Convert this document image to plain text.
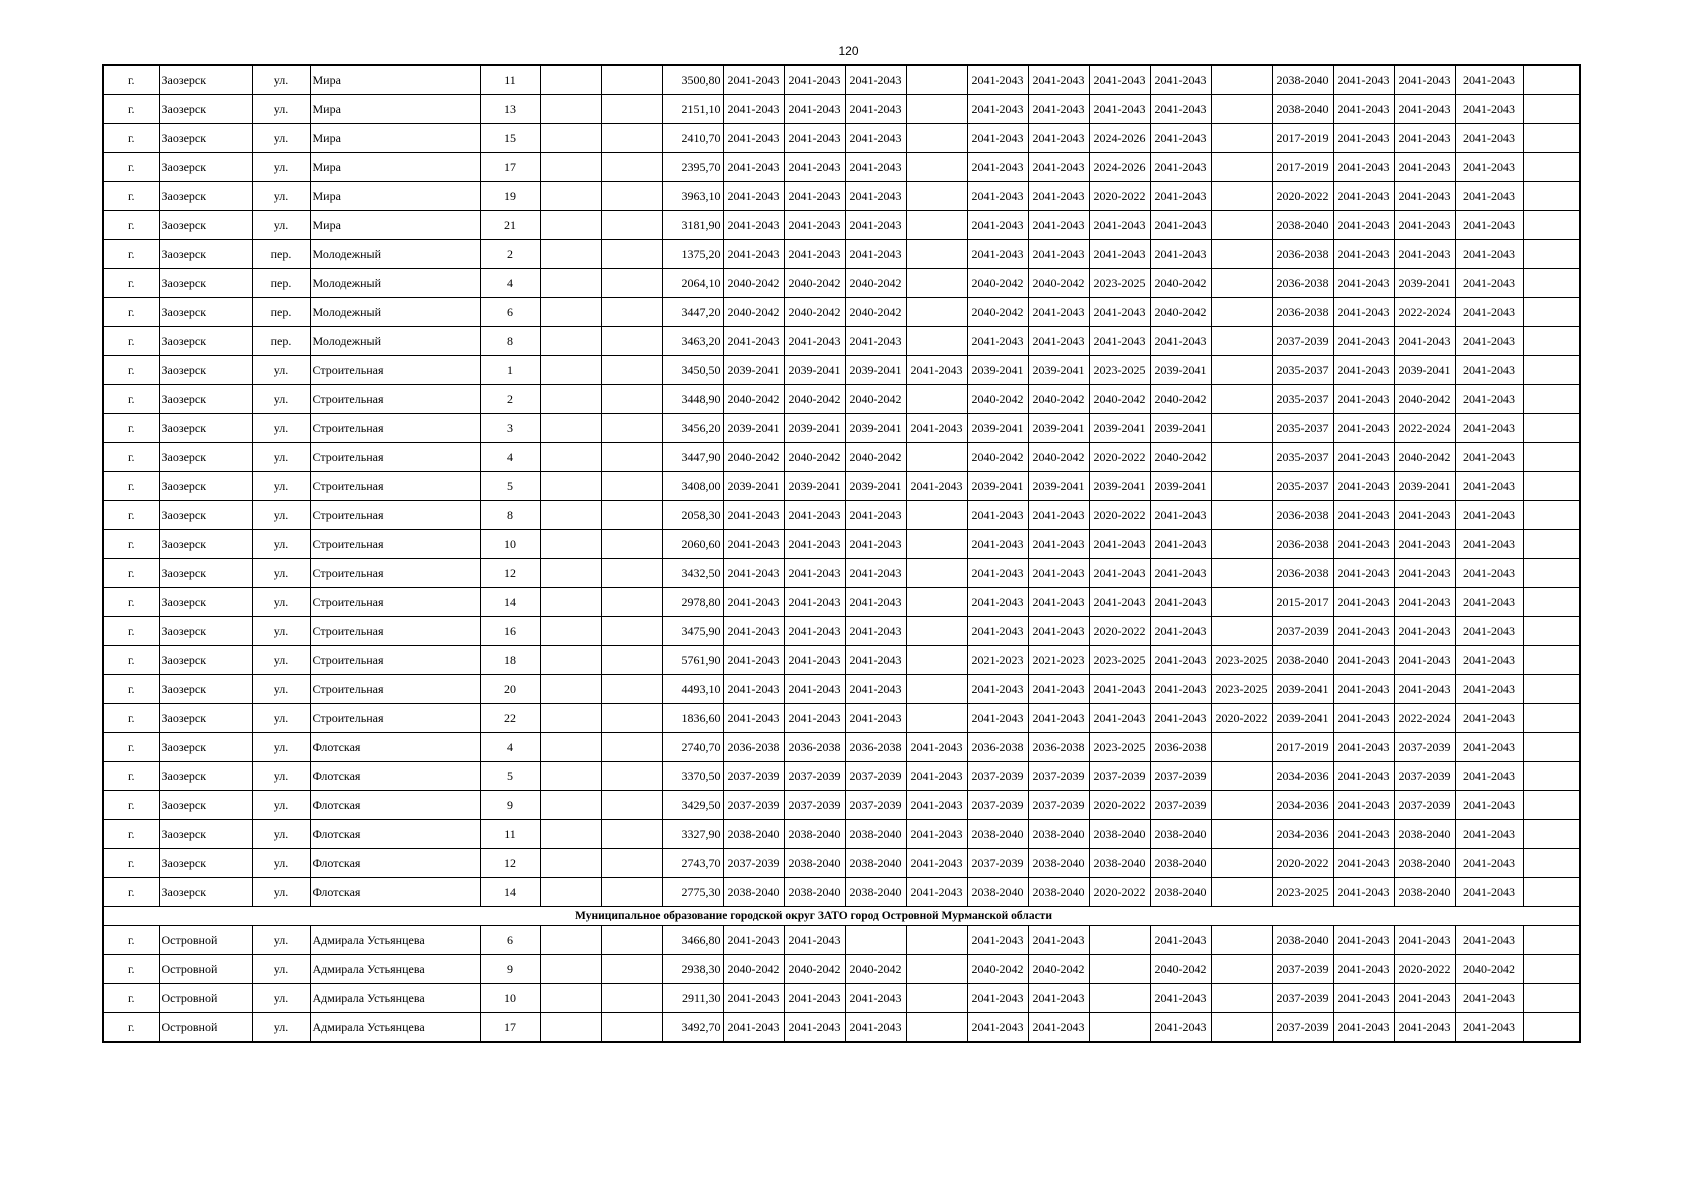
120
г.	Заозерск	ул.	Мира	11			3500,80	2041-2043	2041-2043	2041-2043		2041-2043	2041-2043	2041-2043	2041-2043		2038-2040	2041-2043	2041-2043	2041-2043	
г.	Заозерск	ул.	Мира	13			2151,10	2041-2043	2041-2043	2041-2043		2041-2043	2041-2043	2041-2043	2041-2043		2038-2040	2041-2043	2041-2043	2041-2043	
г.	Заозерск	ул.	Мира	15			2410,70	2041-2043	2041-2043	2041-2043		2041-2043	2041-2043	2024-2026	2041-2043		2017-2019	2041-2043	2041-2043	2041-2043	
г.	Заозерск	ул.	Мира	17			2395,70	2041-2043	2041-2043	2041-2043		2041-2043	2041-2043	2024-2026	2041-2043		2017-2019	2041-2043	2041-2043	2041-2043	
г.	Заозерск	ул.	Мира	19			3963,10	2041-2043	2041-2043	2041-2043		2041-2043	2041-2043	2020-2022	2041-2043		2020-2022	2041-2043	2041-2043	2041-2043	
г.	Заозерск	ул.	Мира	21			3181,90	2041-2043	2041-2043	2041-2043		2041-2043	2041-2043	2041-2043	2041-2043		2038-2040	2041-2043	2041-2043	2041-2043	
г.	Заозерск	пер.	Молодежный	2			1375,20	2041-2043	2041-2043	2041-2043		2041-2043	2041-2043	2041-2043	2041-2043		2036-2038	2041-2043	2041-2043	2041-2043	
г.	Заозерск	пер.	Молодежный	4			2064,10	2040-2042	2040-2042	2040-2042		2040-2042	2040-2042	2023-2025	2040-2042		2036-2038	2041-2043	2039-2041	2041-2043	
г.	Заозерск	пер.	Молодежный	6			3447,20	2040-2042	2040-2042	2040-2042		2040-2042	2041-2043	2041-2043	2040-2042		2036-2038	2041-2043	2022-2024	2041-2043	
г.	Заозерск	пер.	Молодежный	8			3463,20	2041-2043	2041-2043	2041-2043		2041-2043	2041-2043	2041-2043	2041-2043		2037-2039	2041-2043	2041-2043	2041-2043	
г.	Заозерск	ул.	Строительная	1			3450,50	2039-2041	2039-2041	2039-2041	2041-2043	2039-2041	2039-2041	2023-2025	2039-2041		2035-2037	2041-2043	2039-2041	2041-2043	
г.	Заозерск	ул.	Строительная	2			3448,90	2040-2042	2040-2042	2040-2042		2040-2042	2040-2042	2040-2042	2040-2042		2035-2037	2041-2043	2040-2042	2041-2043	
г.	Заозерск	ул.	Строительная	3			3456,20	2039-2041	2039-2041	2039-2041	2041-2043	2039-2041	2039-2041	2039-2041	2039-2041		2035-2037	2041-2043	2022-2024	2041-2043	
г.	Заозерск	ул.	Строительная	4			3447,90	2040-2042	2040-2042	2040-2042		2040-2042	2040-2042	2020-2022	2040-2042		2035-2037	2041-2043	2040-2042	2041-2043	
г.	Заозерск	ул.	Строительная	5			3408,00	2039-2041	2039-2041	2039-2041	2041-2043	2039-2041	2039-2041	2039-2041	2039-2041		2035-2037	2041-2043	2039-2041	2041-2043	
г.	Заозерск	ул.	Строительная	8			2058,30	2041-2043	2041-2043	2041-2043		2041-2043	2041-2043	2020-2022	2041-2043		2036-2038	2041-2043	2041-2043	2041-2043	
г.	Заозерск	ул.	Строительная	10			2060,60	2041-2043	2041-2043	2041-2043		2041-2043	2041-2043	2041-2043	2041-2043		2036-2038	2041-2043	2041-2043	2041-2043	
г.	Заозерск	ул.	Строительная	12			3432,50	2041-2043	2041-2043	2041-2043		2041-2043	2041-2043	2041-2043	2041-2043		2036-2038	2041-2043	2041-2043	2041-2043	
г.	Заозерск	ул.	Строительная	14			2978,80	2041-2043	2041-2043	2041-2043		2041-2043	2041-2043	2041-2043	2041-2043		2015-2017	2041-2043	2041-2043	2041-2043	
г.	Заозерск	ул.	Строительная	16			3475,90	2041-2043	2041-2043	2041-2043		2041-2043	2041-2043	2020-2022	2041-2043		2037-2039	2041-2043	2041-2043	2041-2043	
г.	Заозерск	ул.	Строительная	18			5761,90	2041-2043	2041-2043	2041-2043		2021-2023	2021-2023	2023-2025	2041-2043	2023-2025	2038-2040	2041-2043	2041-2043	2041-2043	
г.	Заозерск	ул.	Строительная	20			4493,10	2041-2043	2041-2043	2041-2043		2041-2043	2041-2043	2041-2043	2041-2043	2023-2025	2039-2041	2041-2043	2041-2043	2041-2043	
г.	Заозерск	ул.	Строительная	22			1836,60	2041-2043	2041-2043	2041-2043		2041-2043	2041-2043	2041-2043	2041-2043	2020-2022	2039-2041	2041-2043	2022-2024	2041-2043	
г.	Заозерск	ул.	Флотская	4			2740,70	2036-2038	2036-2038	2036-2038	2041-2043	2036-2038	2036-2038	2023-2025	2036-2038		2017-2019	2041-2043	2037-2039	2041-2043	
г.	Заозерск	ул.	Флотская	5			3370,50	2037-2039	2037-2039	2037-2039	2041-2043	2037-2039	2037-2039	2037-2039	2037-2039		2034-2036	2041-2043	2037-2039	2041-2043	
г.	Заозерск	ул.	Флотская	9			3429,50	2037-2039	2037-2039	2037-2039	2041-2043	2037-2039	2037-2039	2020-2022	2037-2039		2034-2036	2041-2043	2037-2039	2041-2043	
г.	Заозерск	ул.	Флотская	11			3327,90	2038-2040	2038-2040	2038-2040	2041-2043	2038-2040	2038-2040	2038-2040	2038-2040		2034-2036	2041-2043	2038-2040	2041-2043	
г.	Заозерск	ул.	Флотская	12			2743,70	2037-2039	2038-2040	2038-2040	2041-2043	2037-2039	2038-2040	2038-2040	2038-2040		2020-2022	2041-2043	2038-2040	2041-2043	
г.	Заозерск	ул.	Флотская	14			2775,30	2038-2040	2038-2040	2038-2040	2041-2043	2038-2040	2038-2040	2020-2022	2038-2040		2023-2025	2041-2043	2038-2040	2041-2043	
Муниципальное образование городской округ ЗАТО город Островной Мурманской области																					
г.	Островной	ул.	Адмирала Устьянцева	6			3466,80	2041-2043	2041-2043			2041-2043	2041-2043		2041-2043		2038-2040	2041-2043	2041-2043	2041-2043	
г.	Островной	ул.	Адмирала Устьянцева	9			2938,30	2040-2042	2040-2042	2040-2042		2040-2042	2040-2042		2040-2042		2037-2039	2041-2043	2020-2022	2040-2042	
г.	Островной	ул.	Адмирала Устьянцева	10			2911,30	2041-2043	2041-2043	2041-2043		2041-2043	2041-2043		2041-2043		2037-2039	2041-2043	2041-2043	2041-2043	
г.	Островной	ул.	Адмирала Устьянцева	17			3492,70	2041-2043	2041-2043	2041-2043		2041-2043	2041-2043		2041-2043		2037-2039	2041-2043	2041-2043	2041-2043	
